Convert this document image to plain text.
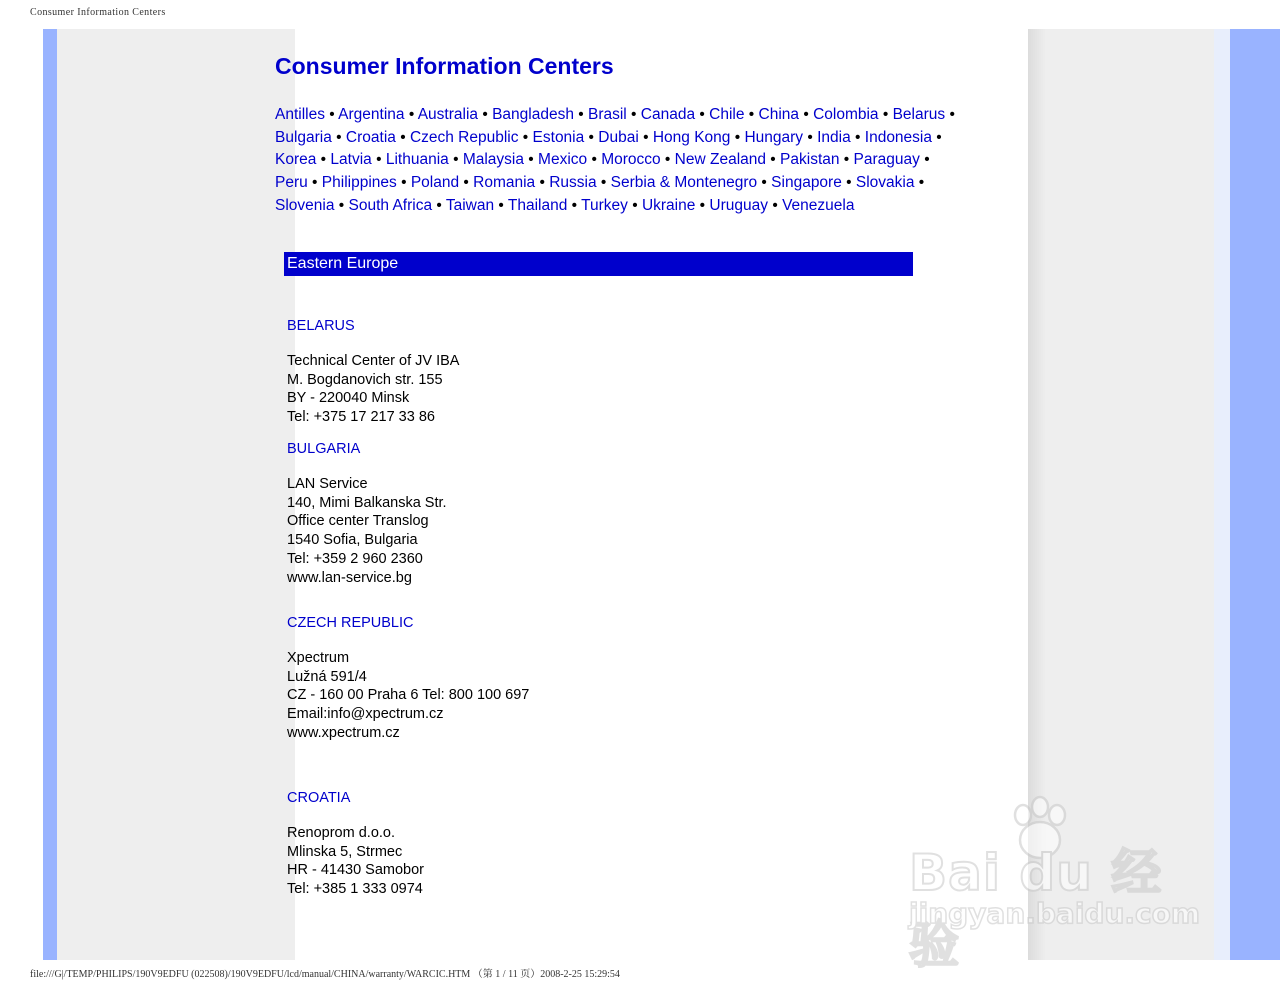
Consumer Information Centers
Consumer Information Centers
Antilles • Argentina • Australia • Bangladesh • Brasil • Canada • Chile • China • Colombia • Belarus • Bulgaria • Croatia • Czech Republic • Estonia • Dubai • Hong Kong • Hungary • India • Indonesia • Korea • Latvia • Lithuania • Malaysia • Mexico • Morocco • New Zealand • Pakistan • Paraguay • Peru • Philippines • Poland • Romania • Russia • Serbia & Montenegro • Singapore • Slovakia • Slovenia • South Africa • Taiwan • Thailand • Turkey • Ukraine • Uruguay • Venezuela
Eastern Europe
BELARUS
Technical Center of JV IBA
M. Bogdanovich str. 155
BY - 220040 Minsk
Tel: +375 17 217 33 86
BULGARIA
LAN Service
140, Mimi Balkanska Str.
Office center Translog
1540 Sofia, Bulgaria
Tel: +359 2 960 2360
www.lan-service.bg
CZECH REPUBLIC
Xpectrum
Lužná 591/4
CZ - 160 00 Praha 6 Tel: 800 100 697
Email:info@xpectrum.cz
www.xpectrum.cz
CROATIA
Renoprom d.o.o.
Mlinska 5, Strmec
HR - 41430 Samobor
Tel: +385 1 333 0974	Bai du 经验
jingyan.baidu.com
file:///G|/TEMP/PHILIPS/190V9EDFU (022508)/190V9EDFU/lcd/manual/CHINA/warranty/WARCIC.HTM （第 1 / 11 页）2008-2-25 15:29:54
